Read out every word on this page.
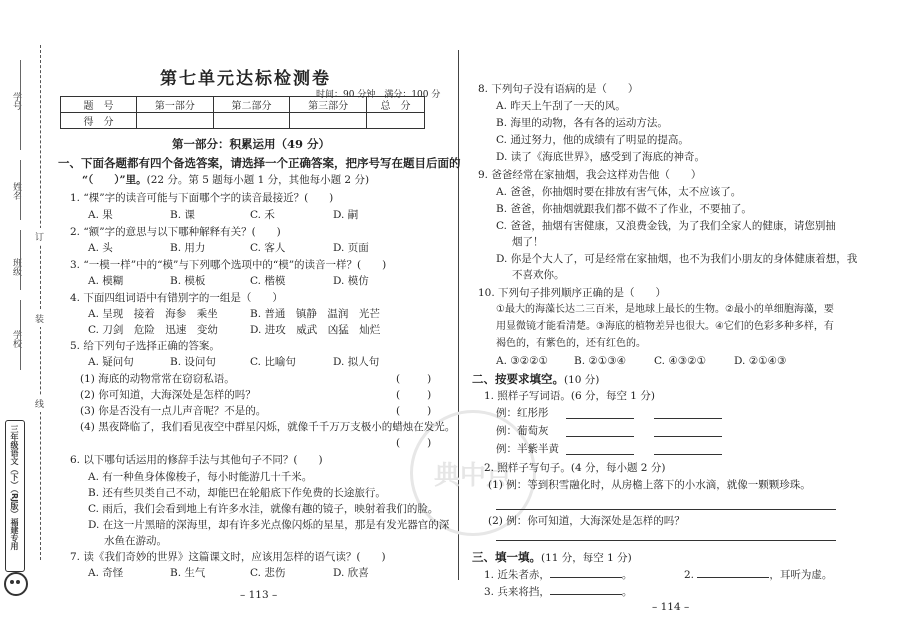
学号
姓名
班级
学校
线
订
装
三年级语文（下）（RJ版）福建专用	典中点
第七单元达标检测卷
时间：90 分钟　满分：100 分
题　号	第一部分	第二部分	第三部分	总　分
得　分				
第一部分：积累运用（49 分）
一、下面各题都有四个备选答案，请选择一个正确答案，把序号写在题目后面的
“（　　）”里。(22 分。第 5 题每小题 1 分，其他每小题 2 分)
1. “棵”字的读音可能与下面哪个字的读音最接近？(　　)
A. 果	B. 课	C. 禾	D. 嗣
2. “额”字的意思与以下哪种解释有关？(　　)
A. 头	B. 用力	C. 客人	D. 页面
3. “一模一样”中的“模”与下列哪个选项中的“模”的读音一样？(　　)
A. 模糊	B. 模板	C. 楷模	D. 模仿
4. 下面四组词语中有错别字的一组是（　　）
A. 呈现　接着　海参　乘坐	B. 普通　镇静　温润　光芒
C. 刀剑　危险　迅速　变幼	D. 进攻　威武　凶猛　灿烂
5. 给下列句子选择正确的答案。
A. 疑问句	B. 设问句	C. 比喻句	D. 拟人句
(1) 海底的动物常常在窃窃私语。	(　　)
(2) 你可知道，大海深处是怎样的吗？	(　　)
(3) 你是否没有一点儿声音呢？不是的。	(　　)
(4) 黑夜降临了，我们看见夜空中群星闪烁，就像千千万万支极小的蜡烛在发光。
(　　)
6. 以下哪句话运用的修辞手法与其他句子不同？(　　)
A. 有一种鱼身体像梭子，每小时能游几十千米。
B. 还有些贝类自己不动，却能巴在轮船底下作免费的长途旅行。
C. 雨后，我们会看到地上有许多水洼，就像有趣的镜子，映射着我们的脸。
D. 在这一片黑暗的深海里，却有许多光点像闪烁的星星，那是有发光器官的深
水鱼在游动。
7. 读《我们奇妙的世界》这篇课文时，应该用怎样的语气读？(　　)
A. 奇怪	B. 生气	C. 悲伤	D. 欣喜
– 113 –
8. 下列句子没有语病的是（　　）
A. 昨天上午刮了一天的风。
B. 海里的动物，各有各的运动方法。
C. 通过努力，他的成绩有了明显的提高。
D. 读了《海底世界》，感受到了海底的神奇。
9. 爸爸经常在家抽烟，我会这样劝告他（　　）
A. 爸爸，你抽烟时要在排放有害气体，太不应该了。
B. 爸爸，你抽烟就跟我们都不做不了作业，不要抽了。
C. 爸爸，抽烟有害健康，又浪费金钱，为了我们全家人的健康，请您别抽
烟了！
D. 你是个大人了，可是经常在家抽烟，也不为我们小朋友的身体健康着想，我
不喜欢你。
10. 下列句子排列顺序正确的是（　　）
①最大的海藻长达二三百米，是地球上最长的生物。②最小的单细胞海藻，要
用显微镜才能看清楚。③海底的植物差异也很大。④它们的色彩多种多样，有
褐色的，有紫色的，还有红色的。
A. ③②②① B. ②①③④	C. ④③②①	D. ②①④③
二、按要求填空。(10 分)
1. 照样子写词语。(6 分，每空 1 分)
例：红彤彤
例：葡萄灰
例：半紫半黄
2. 照样子写句子。(4 分，每小题 2 分)
(1) 例：等到积雪融化时，从房檐上落下的小水滴，就像一颗颗珍珠。
(2) 例：你可知道，大海深处是怎样的吗？
三、填一填。(11 分，每空 1 分)
1. 近朱者赤，	。	2.	，耳听为虚。
3. 兵来将挡，	。
– 114 –
